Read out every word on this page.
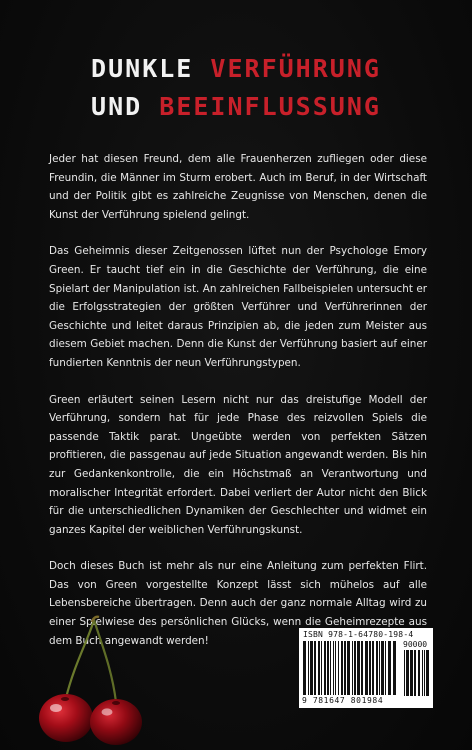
DUNKLE VERFÜHRUNG
UND BEEINFLUSSUNG

Jeder hat diesen Freund, dem alle Frauenherzen zufliegen oder diese Freundin, die Männer im Sturm erobert. Auch im Beruf, in der Wirtschaft und der Politik gibt es zahlreiche Zeugnisse von Menschen, denen die Kunst der Verführung spielend gelingt.

Das Geheimnis dieser Zeitgenossen lüftet nun der Psychologe Emory Green. Er taucht tief ein in die Geschichte der Verführung, die eine Spielart der Manipulation ist. An zahlreichen Fallbeispielen untersucht er die Erfolgsstrategien der größten Verführer und Verführerinnen der Geschichte und leitet daraus Prinzipien ab, die jeden zum Meister aus diesem Gebiet machen. Denn die Kunst der Verführung basiert auf einer fundierten Kenntnis der neun Verführungstypen.

Green erläutert seinen Lesern nicht nur das dreistufige Modell der Verführung, sondern hat für jede Phase des reizvollen Spiels die passende Taktik parat. Ungeübte werden von perfekten Sätzen profitieren, die passgenau auf jede Situation angewandt werden. Bis hin zur Gedankenkontrolle, die ein Höchstmaß an Verantwortung und moralischer Integrität erfordert. Dabei verliert der Autor nicht den Blick für die unterschiedlichen Dynamiken der Geschlechter und widmet ein ganzes Kapitel der weiblichen Verführungskunst.

Doch dieses Buch ist mehr als nur eine Anleitung zum perfekten Flirt. Das von Green vorgestellte Konzept lässt sich mühelos auf alle Lebensbereiche übertragen. Denn auch der ganz normale Alltag wird zu einer Spielwiese des persönlichen Glücks, wenn die Geheimrezepte aus dem Buch angewandt werden!

ISBN 978-1-64780-198-4
90000
9 781647 801984
